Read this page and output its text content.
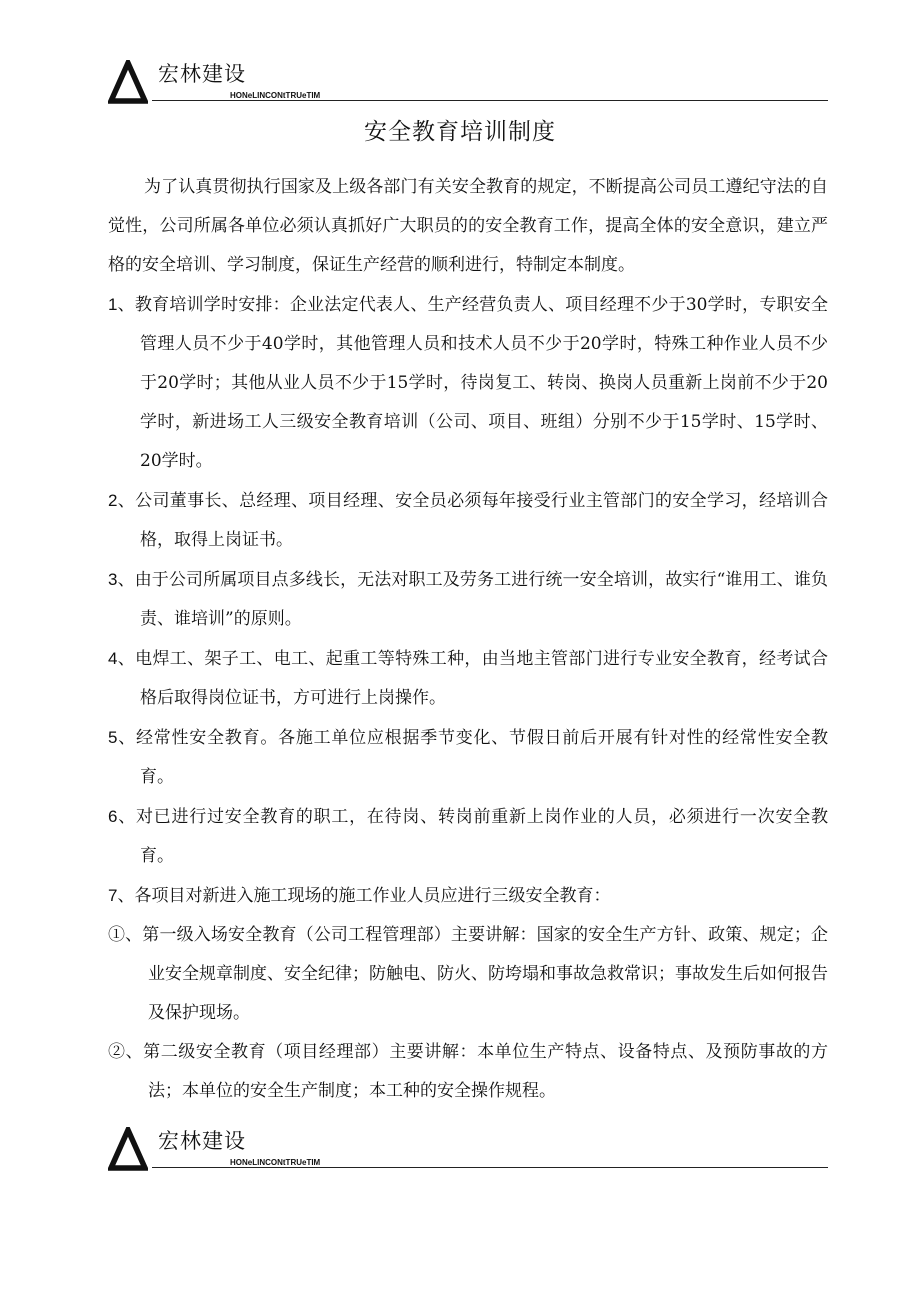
宏林建设
HONeLINCONtTRUeTIM
安全教育培训制度

为了认真贯彻执行国家及上级各部门有关安全教育的规定，不断提高公司员工遵纪守法的自觉性，公司所属各单位必须认真抓好广大职员的的安全教育工作，提高全体的安全意识，建立严格的安全培训、学习制度，保证生产经营的顺利进行，特制定本制度。

1、教育培训学时安排：企业法定代表人、生产经营负责人、项目经理不少于30学时，专职安全管理人员不少于40学时，其他管理人员和技术人员不少于20学时，特殊工种作业人员不少于20学时；其他从业人员不少于15学时，待岗复工、转岗、换岗人员重新上岗前不少于20学时，新进场工人三级安全教育培训（公司、项目、班组）分别不少于15学时、15学时、20学时。

2、公司董事长、总经理、项目经理、安全员必须每年接受行业主管部门的安全学习，经培训合格，取得上岗证书。

3、由于公司所属项目点多线长，无法对职工及劳务工进行统一安全培训，故实行“谁用工、谁负责、谁培训”的原则。

4、电焊工、架子工、电工、起重工等特殊工种，由当地主管部门进行专业安全教育，经考试合格后取得岗位证书，方可进行上岗操作。

5、经常性安全教育。各施工单位应根据季节变化、节假日前后开展有针对性的经常性安全教育。

6、对已进行过安全教育的职工，在待岗、转岗前重新上岗作业的人员，必须进行一次安全教育。

7、各项目对新进入施工现场的施工作业人员应进行三级安全教育：

①、第一级入场安全教育（公司工程管理部）主要讲解：国家的安全生产方针、政策、规定；企业安全规章制度、安全纪律；防触电、防火、防垮塌和事故急救常识；事故发生后如何报告及保护现场。

②、第二级安全教育（项目经理部）主要讲解：本单位生产特点、设备特点、及预防事故的方法；本单位的安全生产制度；本工种的安全操作规程。

宏林建设
HONeLINCONtTRUeTIM
